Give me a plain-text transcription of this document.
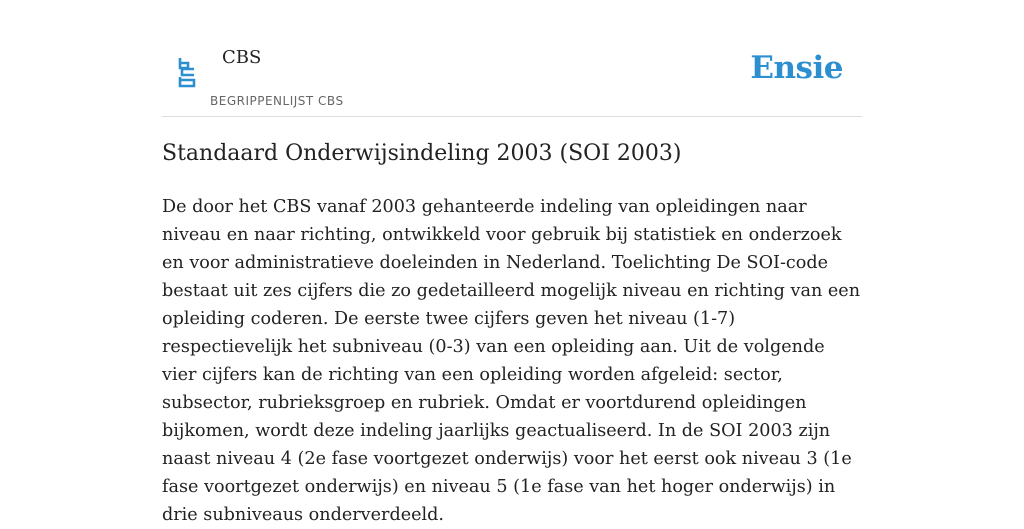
CBS
BEGRIPPENLIJST CBS
Ensie
Standaard Onderwijsindeling 2003 (SOI 2003)

De door het CBS vanaf 2003 gehanteerde indeling van opleidingen naar niveau en naar richting, ontwikkeld voor gebruik bij statistiek en onderzoek en voor administratieve doeleinden in Nederland. Toelichting De SOI-code bestaat uit zes cijfers die zo gedetailleerd mogelijk niveau en richting van een opleiding coderen. De eerste twee cijfers geven het niveau (1-7) respectievelijk het subniveau (0-3) van een opleiding aan. Uit de volgende vier cijfers kan de richting van een opleiding worden afgeleid: sector, subsector, rubrieksgroep en rubriek. Omdat er voortdurend opleidingen bijkomen, wordt deze indeling jaarlijks geactualiseerd. In de SOI 2003 zijn naast niveau 4 (2e fase voortgezet onderwijs) voor het eerst ook niveau 3 (1e fase voortgezet onderwijs) en niveau 5 (1e fase van het hoger onderwijs) in drie subniveaus onderverdeeld.
